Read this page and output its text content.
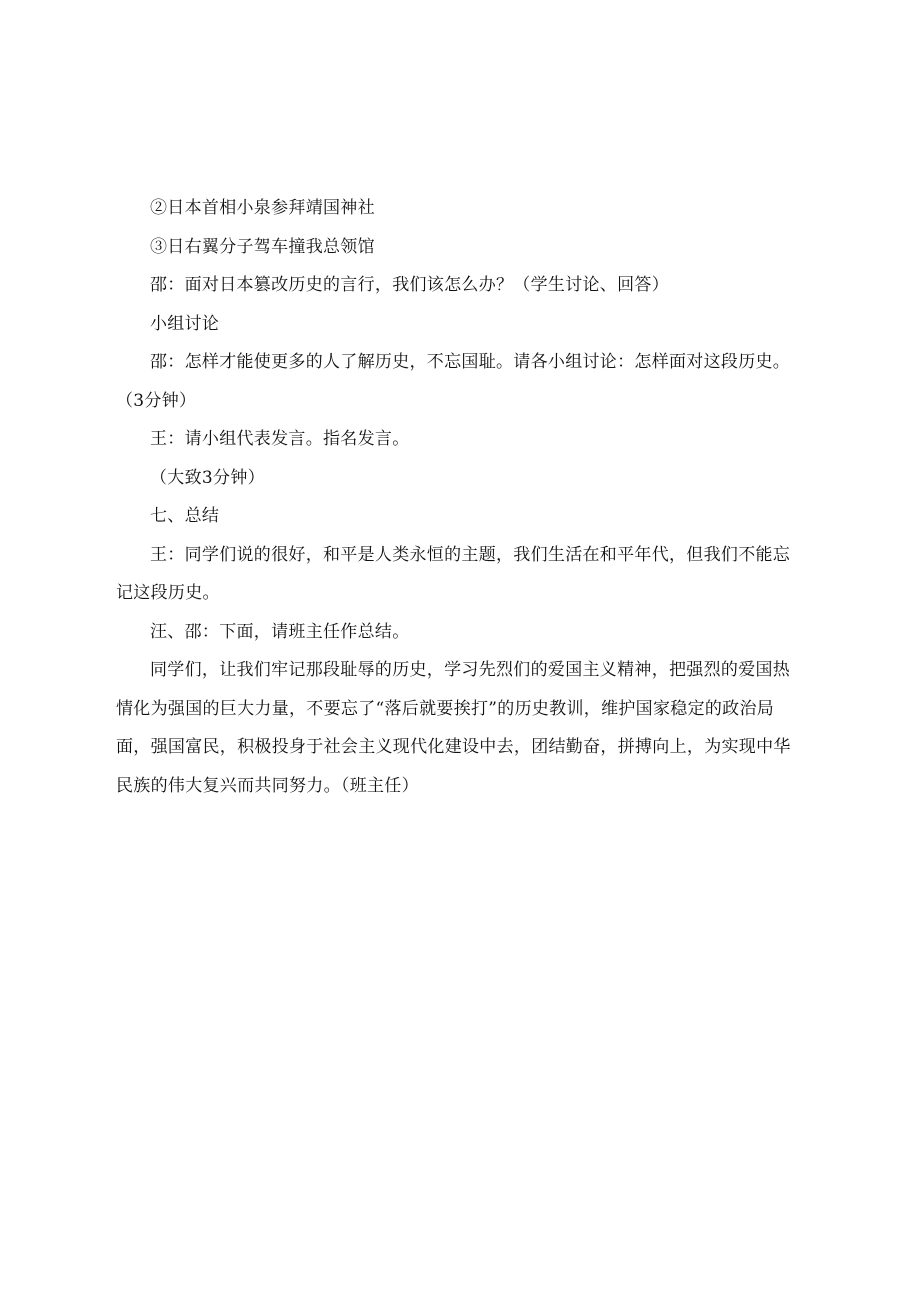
②日本首相小泉参拜靖国神社

③日右翼分子驾车撞我总领馆

邵：面对日本篡改历史的言行，我们该怎么办？（学生讨论、回答）

小组讨论

邵：怎样才能使更多的人了解历史，不忘国耻。请各小组讨论：怎样面对这段历史。（3分钟）

王：请小组代表发言。指名发言。

（大致3分钟）

七、总结

王：同学们说的很好，和平是人类永恒的主题，我们生活在和平年代，但我们不能忘记这段历史。

汪、邵：下面，请班主任作总结。

同学们，让我们牢记那段耻辱的历史，学习先烈们的爱国主义精神，把强烈的爱国热情化为强国的巨大力量，不要忘了“落后就要挨打”的历史教训，维护国家稳定的政治局面，强国富民，积极投身于社会主义现代化建设中去，团结勤奋，拼搏向上，为实现中华民族的伟大复兴而共同努力。（班主任）
